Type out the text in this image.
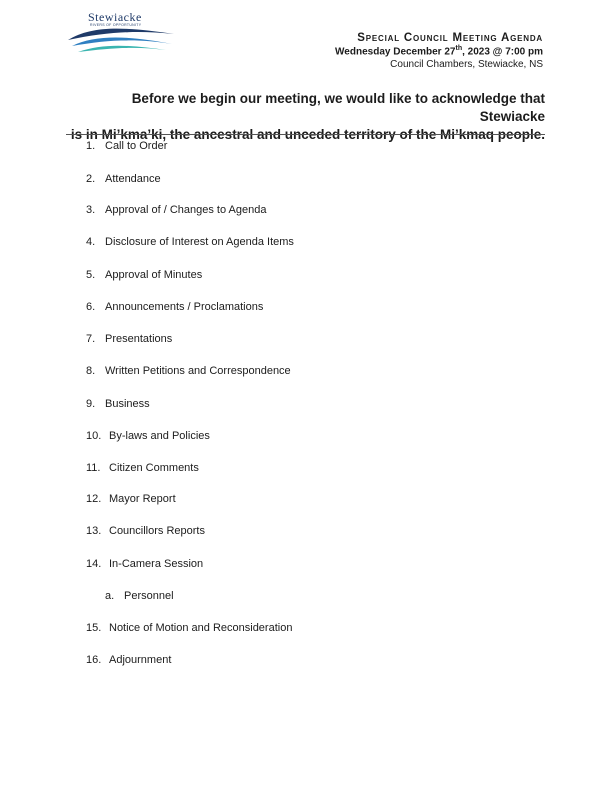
Stewiacke
RIVERS OF OPPORTUNITY
Special Council Meeting Agenda
Wednesday December 27th, 2023 @ 7:00 pm
Council Chambers, Stewiacke, NS
Before we begin our meeting, we would like to acknowledge that Stewiacke
is in Mi’kma’ki, the ancestral and unceded territory of the Mi’kmaq people.
1. Call to Order
2. Attendance
3. Approval of / Changes to Agenda
4. Disclosure of Interest on Agenda Items
5. Approval of Minutes
6. Announcements / Proclamations
7. Presentations
8. Written Petitions and Correspondence
9. Business
10. By-laws and Policies
11. Citizen Comments
12. Mayor Report
13. Councillors Reports
14. In-Camera Session
a. Personnel
15. Notice of Motion and Reconsideration
16. Adjournment
